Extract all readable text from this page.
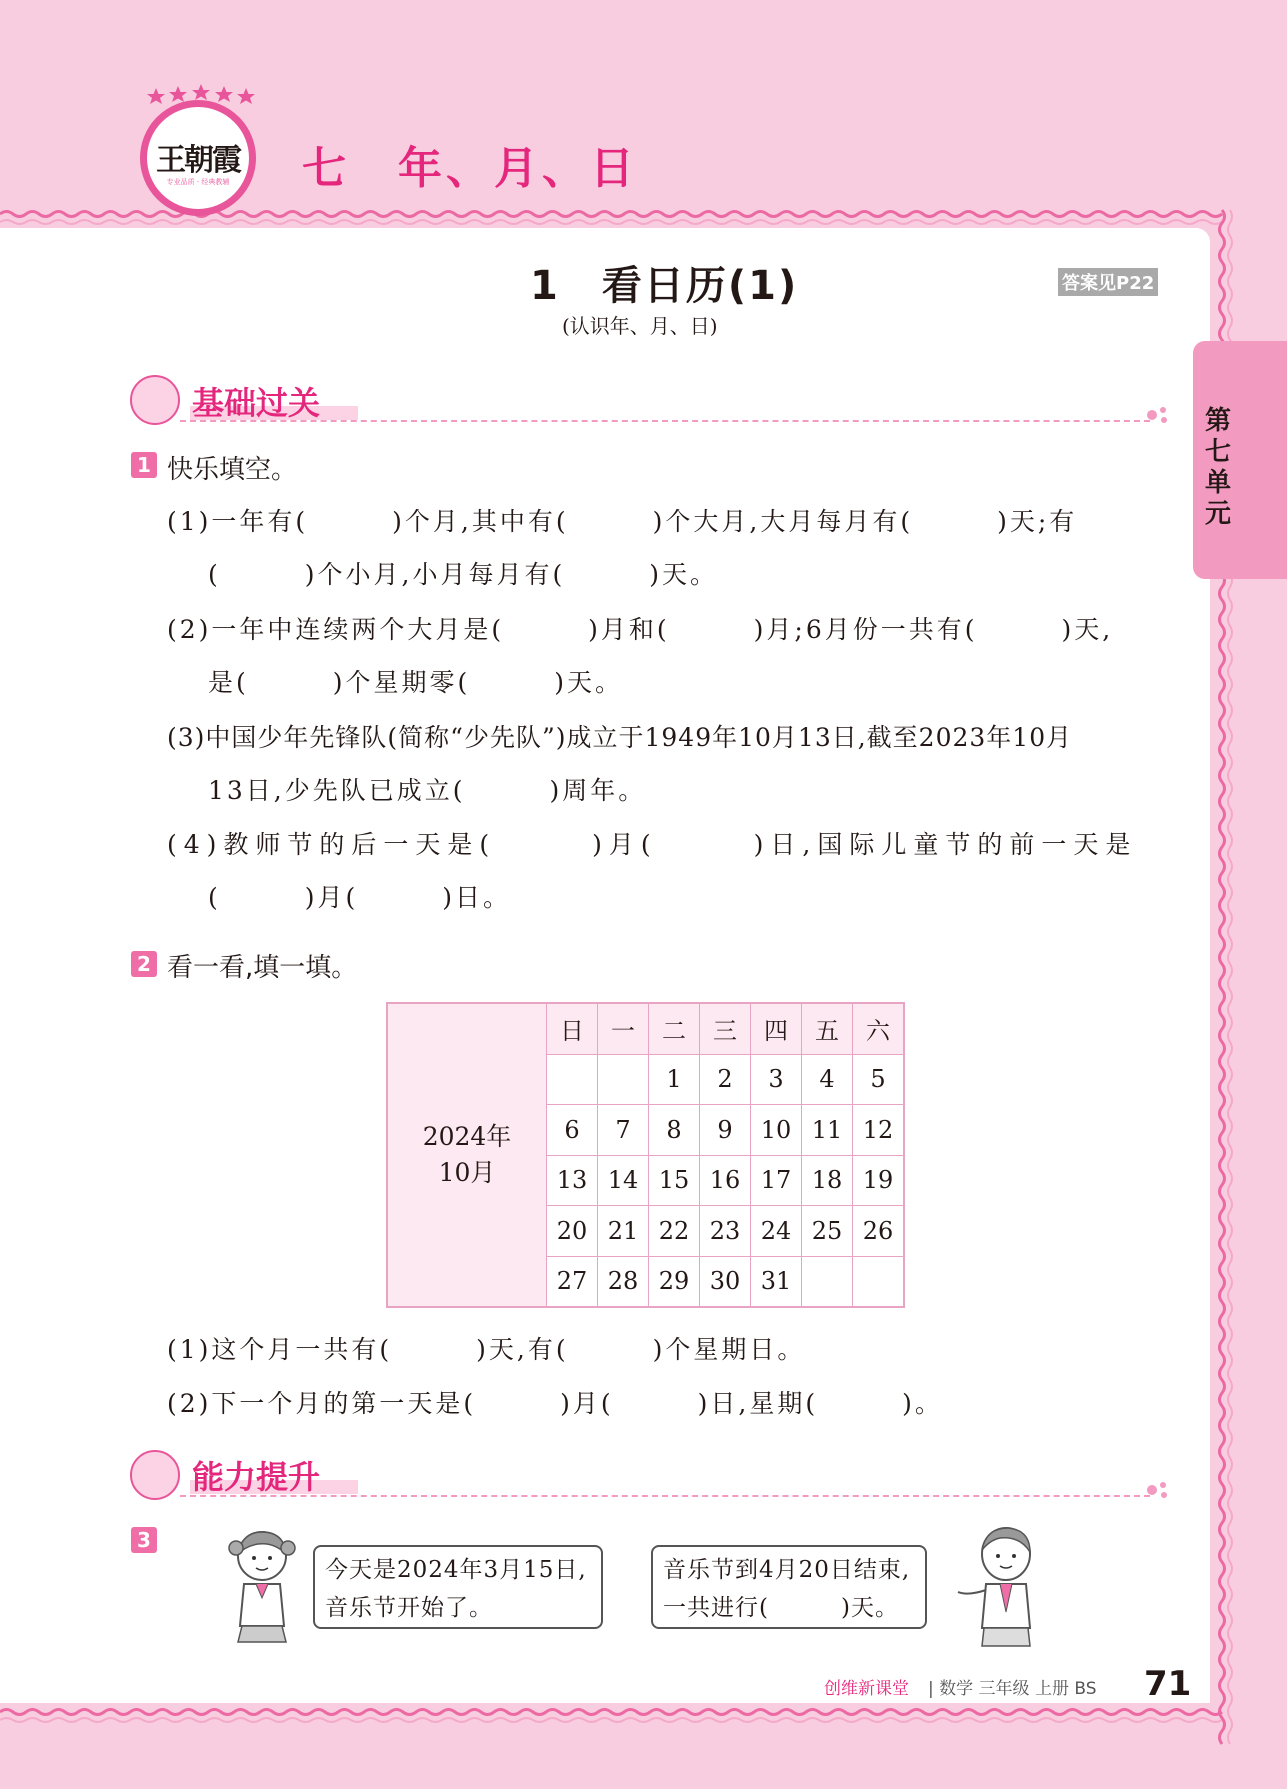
王朝霞
专业品质 · 经典教辅 七　年、月、日
第七单元
1　看日历(1)
(认识年、月、日)
答案见P22
基础过关
1 快乐填空。
(1)一年有(　　　)个月,其中有(　　　)个大月,大月每月有(　　　)天;有
(　　　)个小月,小月每月有(　　　)天。
(2)一年中连续两个大月是(　　　)月和(　　　)月;6月份一共有(　　　)天,
是(　　　)个星期零(　　　)天。
(3)中国少年先锋队(简称“少先队”)成立于1949年10月13日,截至2023年10月
13日,少先队已成立(　　　)周年。
(4)教师节的后一天是(　　　)月(　　　)日,国际儿童节的前一天是
(　　　)月(　　　)日。
2 看一看,填一填。
2024年
10月	日	一	二	三	四	五	六
			1	2	3	4	5
	6	7	8	9	10	11	12
	13	14	15	16	17	18	19
	20	21	22	23	24	25	26
	27	28	29	30	31		
(1)这个月一共有(　　　)天,有(　　　)个星期日。
(2)下一个月的第一天是(　　　)月(　　　)日,星期(　　　)。
能力提升
3
今天是2024年3月15日,
音乐节开始了。
音乐节到4月20日结束,
一共进行(　　　)天。
创维新课堂 | 数学 三年级 上册 BS 71
